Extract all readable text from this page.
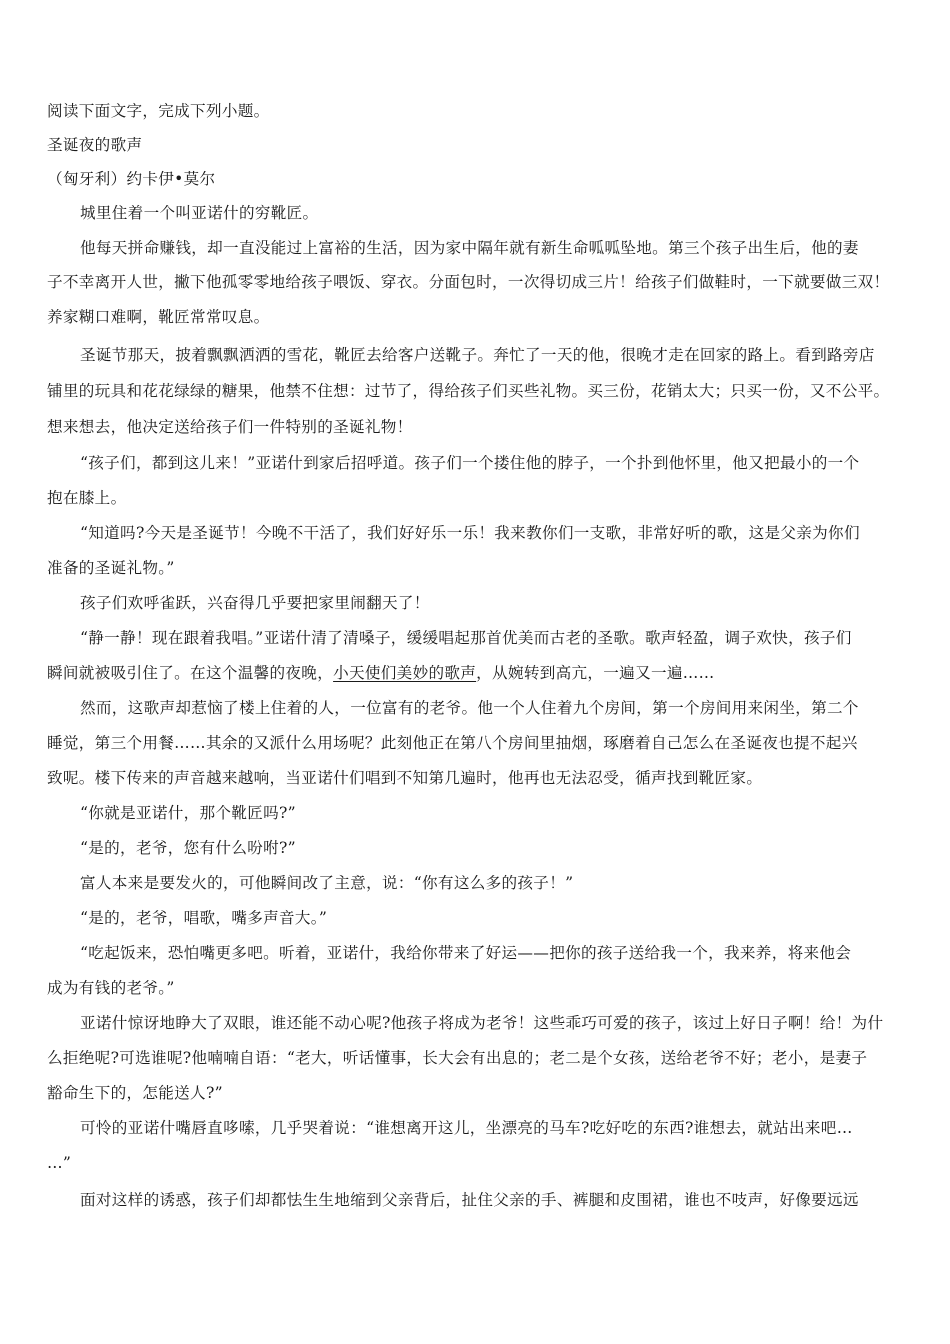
阅读下面文字，完成下列小题。
圣诞夜的歌声
（匈牙利）约卡伊•莫尔
城里住着一个叫亚诺什的穷靴匠。
他每天拼命赚钱，却一直没能过上富裕的生活，因为家中隔年就有新生命呱呱坠地。第三个孩子出生后，他的妻
子不幸离开人世，撇下他孤零零地给孩子喂饭、穿衣。分面包时，一次得切成三片！给孩子们做鞋时，一下就要做三双！
养家糊口难啊，靴匠常常叹息。
圣诞节那天，披着飘飘洒洒的雪花，靴匠去给客户送靴子。奔忙了一天的他，很晚才走在回家的路上。看到路旁店
铺里的玩具和花花绿绿的糖果，他禁不住想：过节了，得给孩子们买些礼物。买三份，花销太大；只买一份，又不公平。
想来想去，他决定送给孩子们一件特别的圣诞礼物！
“孩子们，都到这儿来！”亚诺什到家后招呼道。孩子们一个搂住他的脖子，一个扑到他怀里，他又把最小的一个
抱在膝上。
“知道吗?今天是圣诞节！今晚不干活了，我们好好乐一乐！我来教你们一支歌，非常好听的歌，这是父亲为你们
准备的圣诞礼物。”
孩子们欢呼雀跃，兴奋得几乎要把家里闹翻天了！
“静一静！现在跟着我唱。”亚诺什清了清嗓子，缓缓唱起那首优美而古老的圣歌。歌声轻盈，调子欢快，孩子们
瞬间就被吸引住了。在这个温馨的夜晚，小天使们美妙的歌声，从婉转到高亢，一遍又一遍……
然而，这歌声却惹恼了楼上住着的人，一位富有的老爷。他一个人住着九个房间，第一个房间用来闲坐，第二个
睡觉，第三个用餐……其余的又派什么用场呢？此刻他正在第八个房间里抽烟，琢磨着自己怎么在圣诞夜也提不起兴
致呢。楼下传来的声音越来越响，当亚诺什们唱到不知第几遍时，他再也无法忍受，循声找到靴匠家。
“你就是亚诺什，那个靴匠吗?”
“是的，老爷，您有什么吩咐?”
富人本来是要发火的，可他瞬间改了主意，说：“你有这么多的孩子！”
“是的，老爷，唱歌，嘴多声音大。”
“吃起饭来，恐怕嘴更多吧。听着，亚诺什，我给你带来了好运——把你的孩子送给我一个，我来养，将来他会
成为有钱的老爷。”
亚诺什惊讶地睁大了双眼，谁还能不动心呢?他孩子将成为老爷！这些乖巧可爱的孩子，该过上好日子啊！给！为什
么拒绝呢?可选谁呢?他喃喃自语：“老大，听话懂事，长大会有出息的；老二是个女孩，送给老爷不好；老小，是妻子
豁命生下的，怎能送人?”
可怜的亚诺什嘴唇直哆嗦，几乎哭着说：“谁想离开这儿，坐漂亮的马车?吃好吃的东西?谁想去，就站出来吧…
…”
面对这样的诱惑，孩子们却都怯生生地缩到父亲背后，扯住父亲的手、裤腿和皮围裙，谁也不吱声，好像要远远
